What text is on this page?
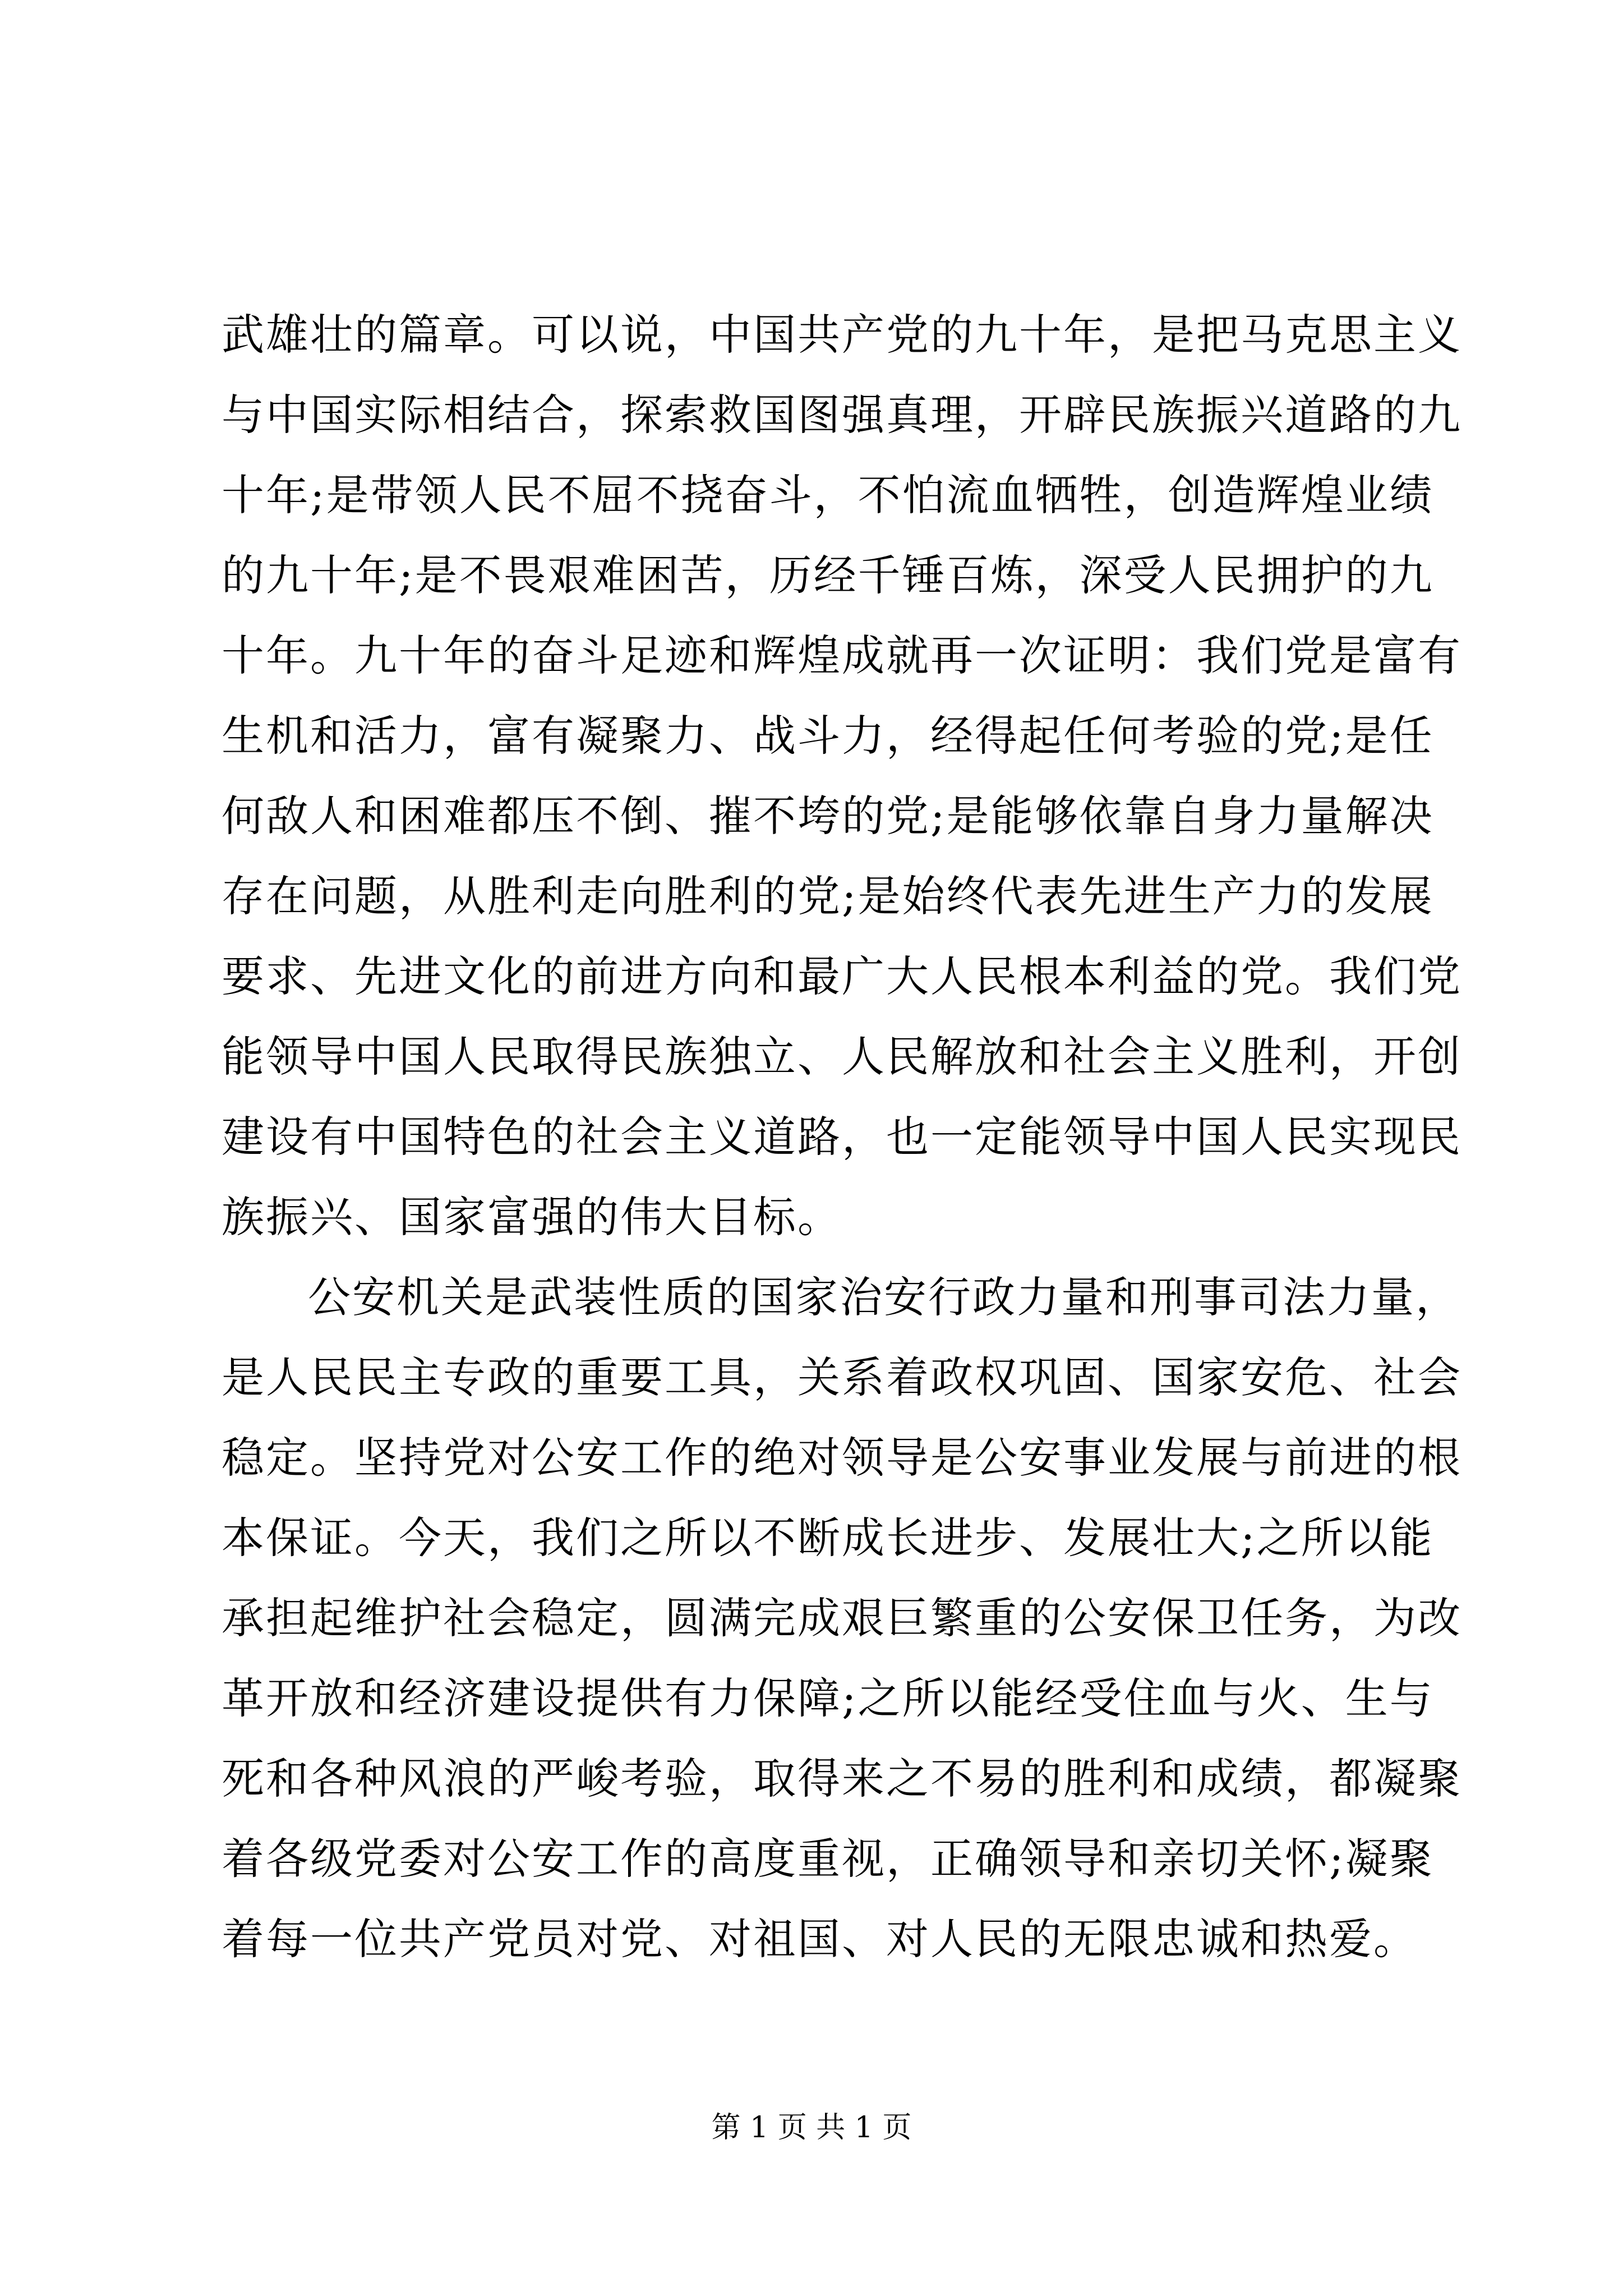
武雄壮的篇章。可以说，中国共产党的九十年，是把马克思主义
与中国实际相结合，探索救国图强真理，开辟民族振兴道路的九
十年;是带领人民不屈不挠奋斗，不怕流血牺牲，创造辉煌业绩
的九十年;是不畏艰难困苦，历经千锤百炼，深受人民拥护的九
十年。九十年的奋斗足迹和辉煌成就再一次证明：我们党是富有
生机和活力，富有凝聚力、战斗力，经得起任何考验的党;是任
何敌人和困难都压不倒、摧不垮的党;是能够依靠自身力量解决
存在问题，从胜利走向胜利的党;是始终代表先进生产力的发展
要求、先进文化的前进方向和最广大人民根本利益的党。我们党
能领导中国人民取得民族独立、人民解放和社会主义胜利，开创
建设有中国特色的社会主义道路，也一定能领导中国人民实现民
族振兴、国家富强的伟大目标。
公安机关是武装性质的国家治安行政力量和刑事司法力量，
是人民民主专政的重要工具，关系着政权巩固、国家安危、社会
稳定。坚持党对公安工作的绝对领导是公安事业发展与前进的根
本保证。今天，我们之所以不断成长进步、发展壮大;之所以能
承担起维护社会稳定，圆满完成艰巨繁重的公安保卫任务，为改
革开放和经济建设提供有力保障;之所以能经受住血与火、生与
死和各种风浪的严峻考验，取得来之不易的胜利和成绩，都凝聚
着各级党委对公安工作的高度重视，正确领导和亲切关怀;凝聚
着每一位共产党员对党、对祖国、对人民的无限忠诚和热爱。
第 1 页 共 1 页
